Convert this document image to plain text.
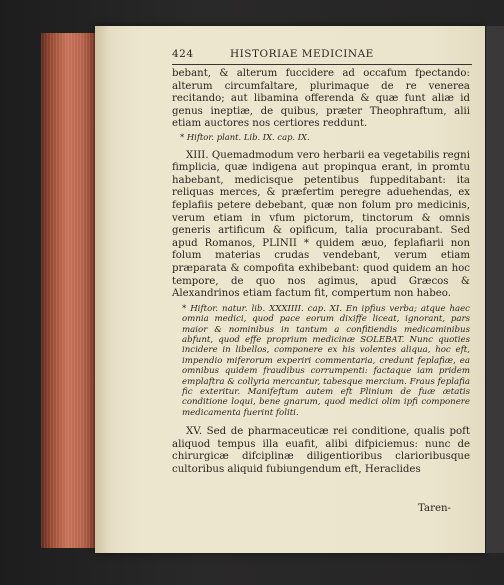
424	HISTORIAE MEDICINAE

bebant, & alterum fuccidere ad occafum fpectando: alterum circumfaltare, plurimaque de re venerea recitando; aut libamina offerenda & quæ funt aliæ id genus ineptiæ, de quibus, præter Theophraftum, alii etiam auctores nos certiores reddunt.

* Hiftor. plant. Lib. IX. cap. IX.

XIII. Quemadmodum vero herbarii ea vegetabilis regni fimplicia, quæ indigena aut propinqua erant, in promtu habebant, medicisque petentibus fuppeditabant: ita reliquas merces, & præfertim peregre aduehendas, ex feplafiis petere debebant, quæ non folum pro medicinis, verum etiam in vfum pictorum, tinctorum & omnis generis artificum & opificum, talia procurabant. Sed apud Romanos, PLINII * quidem æuo, feplafiarii non folum materias crudas vendebant, verum etiam præparata & compofita exhibebant: quod quidem an hoc tempore, de quo nos agimus, apud Græcos & Alexandrinos etiam factum fit, compertum non habeo.

* Hiftor. natur. lib. XXXIIII. cap. XI. En ipfius verba; atque haec omnia medici, quod pace eorum dixiffe liceat, ignorant, pars maior & nominibus in tantum a confitiendis medicaminibus abfunt, quod effe proprium medicinæ SOLEBAT. Nunc quoties incidere in libellos, componere ex his volentes aliqua, hoc eft, impendio miferorum experiri commentaria, credunt feplafiæ, ea omnibus quidem fraudibus corrumpenti: factaque iam pridem emplaftra & collyria mercantur, tabesque mercium. Fraus feplafia fic exteritur. Manifeftum autem eft Plinium de fuæ ætatis conditione loqui, bene gnarum, quod medici olim ipfi componere medicamenta fuerint foliti.

XV. Sed de pharmaceuticæ rei conditione, qualis poft aliquod tempus illa euafit, alibi difpiciemus: nunc de chirurgicæ difciplinæ diligentioribus clarioribusque cultoribus aliquid fubiungendum eft, Heraclides

Taren-
